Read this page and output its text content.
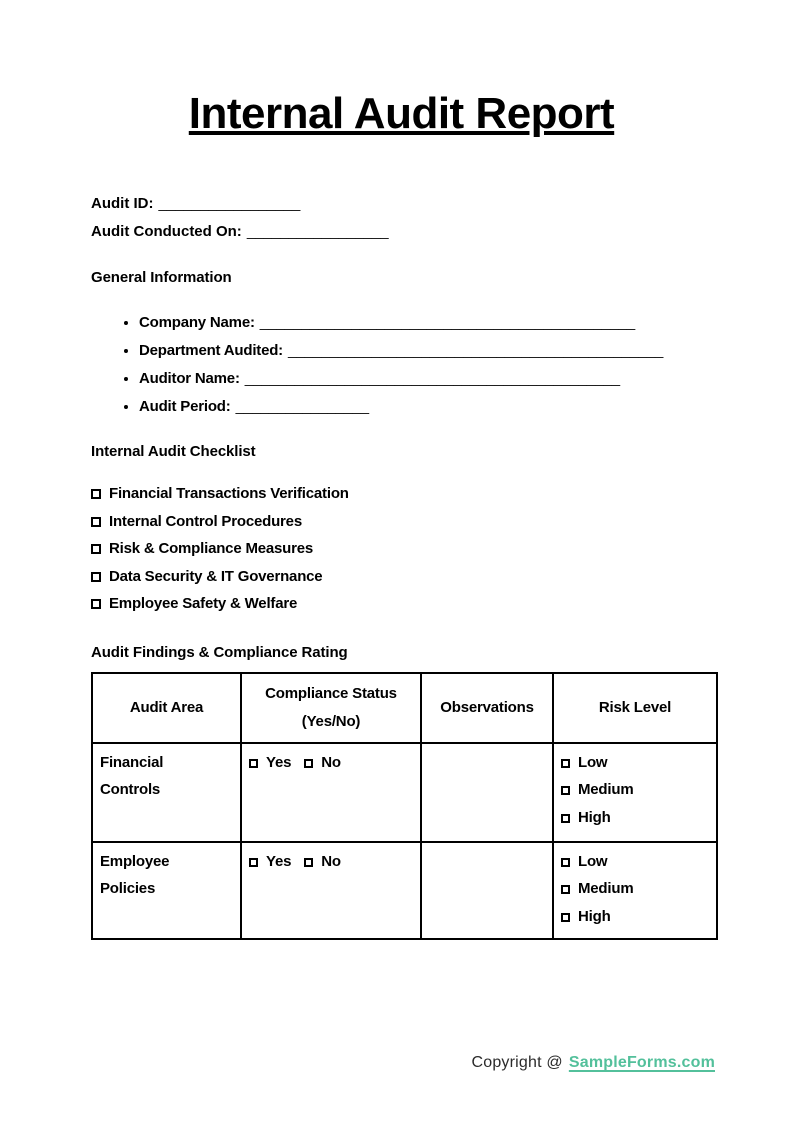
Internal Audit Report

Audit ID: _________________

Audit Conducted On: _________________

General Information

• Company Name: _____________________________________________
• Department Audited: _____________________________________________
• Auditor Name: _____________________________________________
• Audit Period: ________________

Internal Audit Checklist

Financial Transactions Verification
Internal Control Procedures
Risk & Compliance Measures
Data Security & IT Governance
Employee Safety & Welfare

Audit Findings & Compliance Rating

Audit Area	Compliance Status (Yes/No)	Observations	Risk Level
Financial Controls	Yes No		Low
Medium
High

Employee Policies	Yes No		Low
Medium
High
Copyright @ SampleForms.com
